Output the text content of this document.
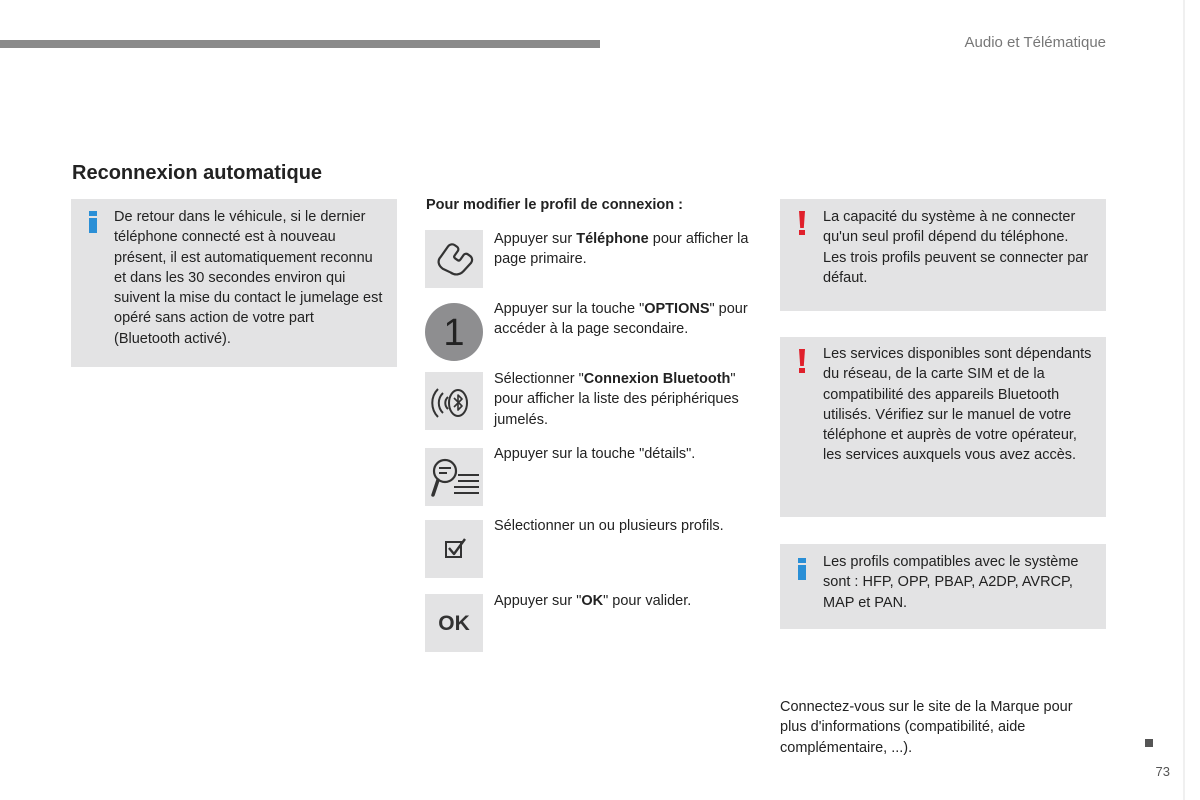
Audio et Télématique
Reconnexion automatique
De retour dans le véhicule, si le dernier téléphone connecté est à nouveau présent, il est automatiquement reconnu et dans les 30 secondes environ qui suivent la mise du contact le jumelage est opéré sans action de votre part (Bluetooth activé).
Pour modifier le profil de connexion :
Appuyer sur Téléphone pour afficher la page primaire.
1
Appuyer sur la touche "OPTIONS" pour accéder à la page secondaire.
Sélectionner "Connexion Bluetooth" pour afficher la liste des périphériques jumelés.
Appuyer sur la touche "détails".
Sélectionner un ou plusieurs profils.
OK
Appuyer sur "OK" pour valider.
La capacité du système à ne connecter qu'un seul profil dépend du téléphone. Les trois profils peuvent se connecter par défaut.
Les services disponibles sont dépendants du réseau, de la carte SIM et de la compatibilité des appareils Bluetooth utilisés. Vérifiez sur le manuel de votre téléphone et auprès de votre opérateur, les services auxquels vous avez accès.
Les profils compatibles avec le système sont : HFP, OPP, PBAP, A2DP, AVRCP, MAP et PAN.
Connectez-vous sur le site de la Marque pour plus d'informations (compatibilité, aide complémentaire, ...).
73
